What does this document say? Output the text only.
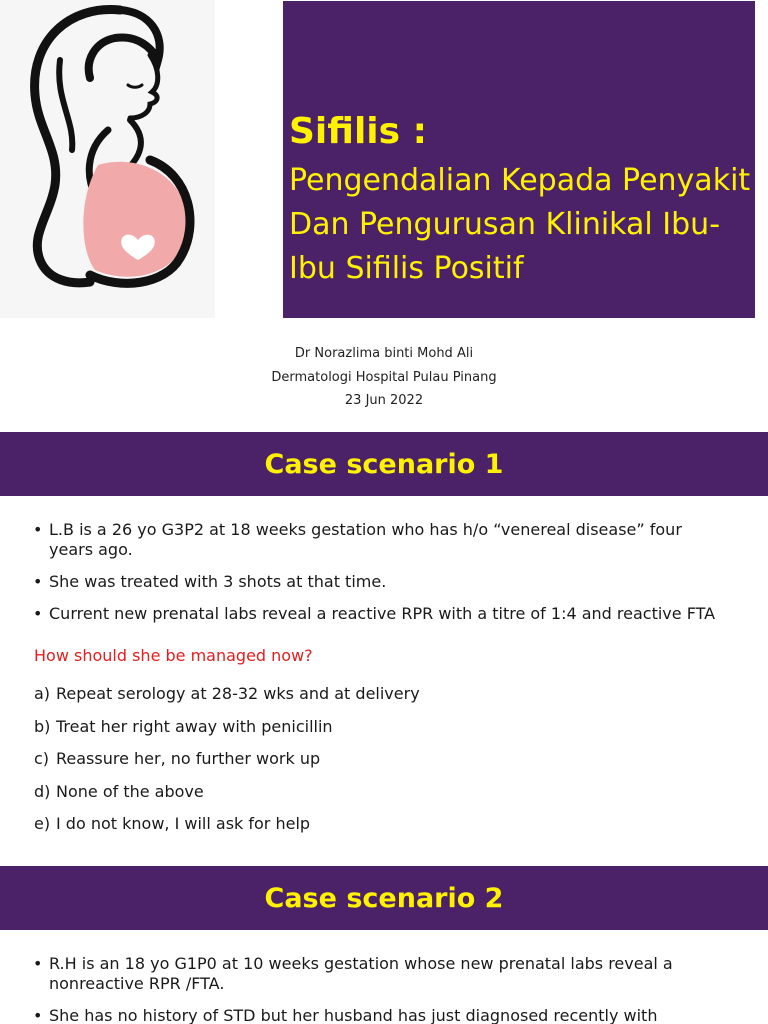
Sifilis :
Pengendalian Kepada Penyakit Dan Pengurusan Klinikal Ibu-Ibu Sifilis Positif
Dr Norazlima binti Mohd Ali
Dermatologi Hospital Pulau Pinang
23 Jun 2022
Case scenario 1
• L.B is a 26 yo G3P2 at 18 weeks gestation who has h/o “venereal disease” four years ago.
• She was treated with 3 shots at that time.
• Current new prenatal labs reveal a reactive RPR with a titre of 1:4 and reactive FTA
How should she be managed now?
a) Repeat serology at 28-32 wks and at delivery
b) Treat her right away with penicillin
c) Reassure her, no further work up
d) None of the above
e) I do not know, I will ask for help
Case scenario 2
• R.H is an 18 yo G1P0 at 10 weeks gestation whose new prenatal labs reveal a nonreactive RPR /FTA.
• She has no history of STD but her husband has just diagnosed recently with
